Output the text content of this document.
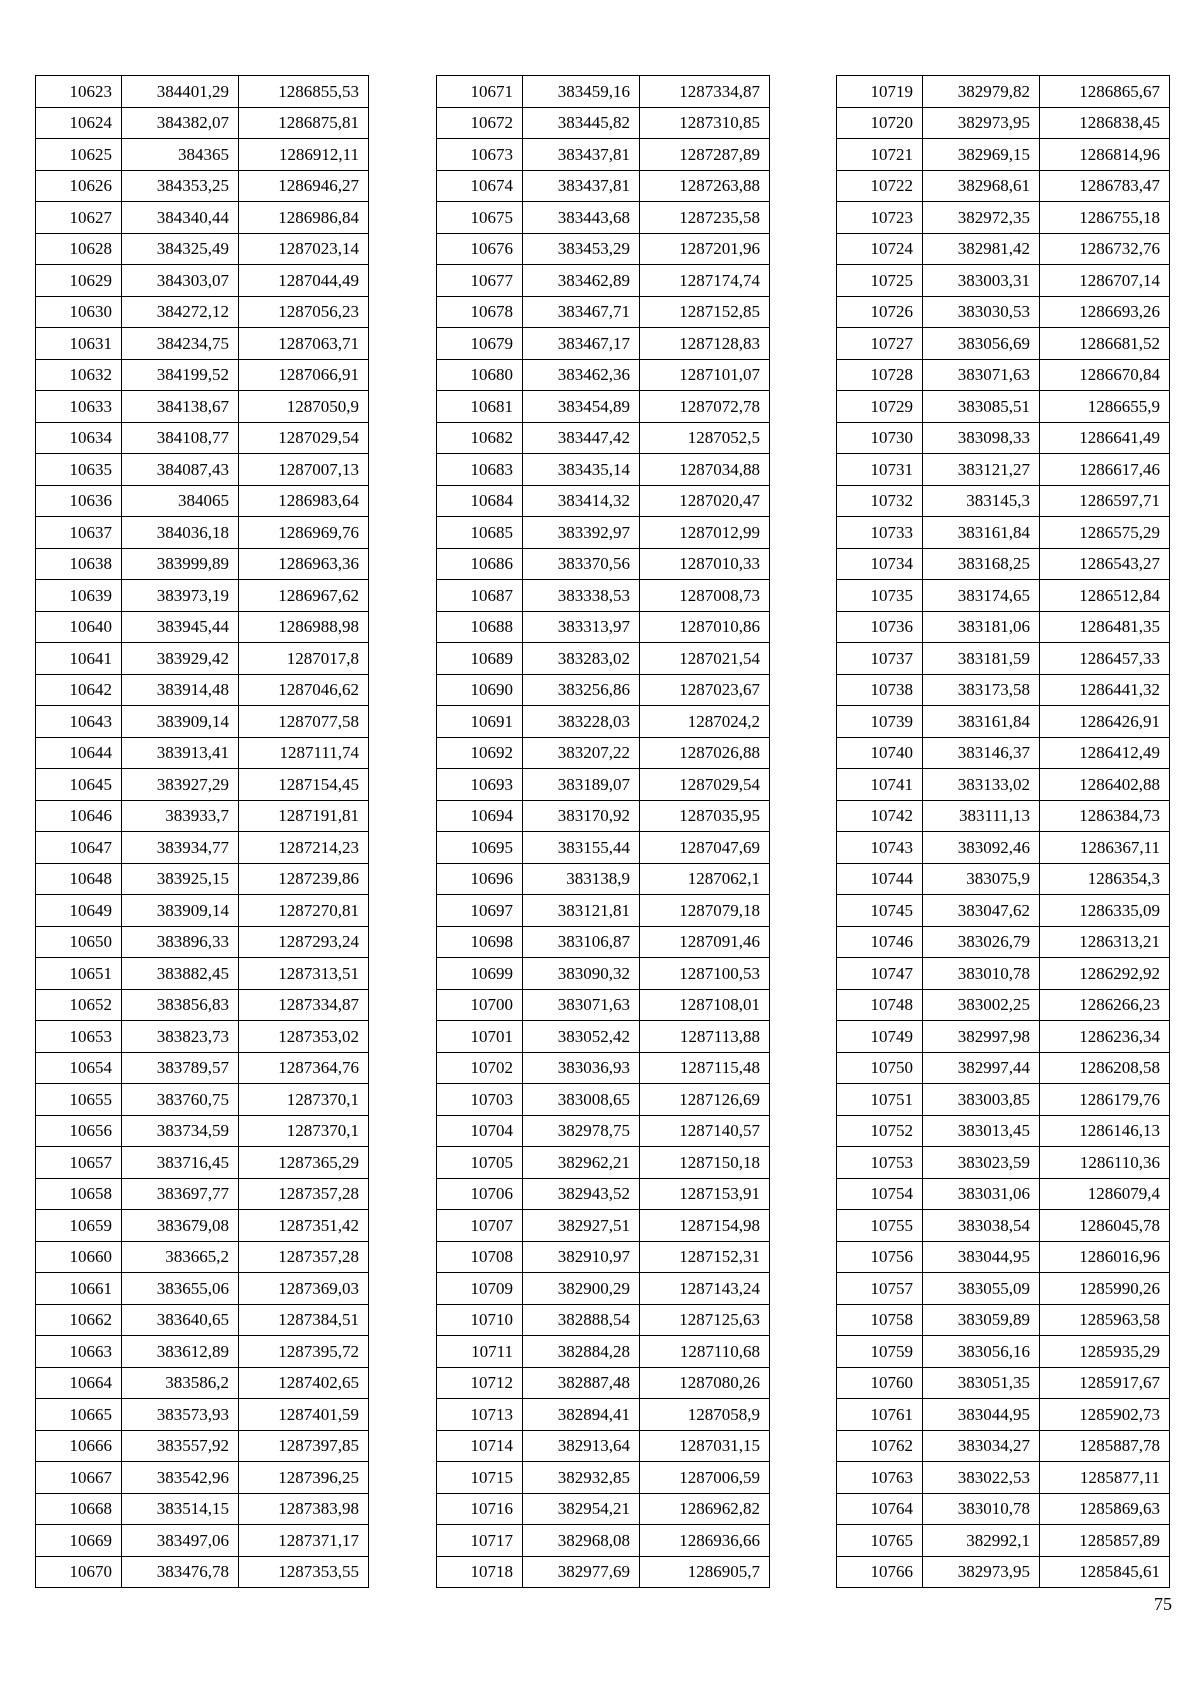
10623	384401,29	1286855,53
10624	384382,07	1286875,81
10625	384365	1286912,11
10626	384353,25	1286946,27
10627	384340,44	1286986,84
10628	384325,49	1287023,14
10629	384303,07	1287044,49
10630	384272,12	1287056,23
10631	384234,75	1287063,71
10632	384199,52	1287066,91
10633	384138,67	1287050,9
10634	384108,77	1287029,54
10635	384087,43	1287007,13
10636	384065	1286983,64
10637	384036,18	1286969,76
10638	383999,89	1286963,36
10639	383973,19	1286967,62
10640	383945,44	1286988,98
10641	383929,42	1287017,8
10642	383914,48	1287046,62
10643	383909,14	1287077,58
10644	383913,41	1287111,74
10645	383927,29	1287154,45
10646	383933,7	1287191,81
10647	383934,77	1287214,23
10648	383925,15	1287239,86
10649	383909,14	1287270,81
10650	383896,33	1287293,24
10651	383882,45	1287313,51
10652	383856,83	1287334,87
10653	383823,73	1287353,02
10654	383789,57	1287364,76
10655	383760,75	1287370,1
10656	383734,59	1287370,1
10657	383716,45	1287365,29
10658	383697,77	1287357,28
10659	383679,08	1287351,42
10660	383665,2	1287357,28
10661	383655,06	1287369,03
10662	383640,65	1287384,51
10663	383612,89	1287395,72
10664	383586,2	1287402,65
10665	383573,93	1287401,59
10666	383557,92	1287397,85
10667	383542,96	1287396,25
10668	383514,15	1287383,98
10669	383497,06	1287371,17
10670	383476,78	1287353,55
10671	383459,16	1287334,87
10672	383445,82	1287310,85
10673	383437,81	1287287,89
10674	383437,81	1287263,88
10675	383443,68	1287235,58
10676	383453,29	1287201,96
10677	383462,89	1287174,74
10678	383467,71	1287152,85
10679	383467,17	1287128,83
10680	383462,36	1287101,07
10681	383454,89	1287072,78
10682	383447,42	1287052,5
10683	383435,14	1287034,88
10684	383414,32	1287020,47
10685	383392,97	1287012,99
10686	383370,56	1287010,33
10687	383338,53	1287008,73
10688	383313,97	1287010,86
10689	383283,02	1287021,54
10690	383256,86	1287023,67
10691	383228,03	1287024,2
10692	383207,22	1287026,88
10693	383189,07	1287029,54
10694	383170,92	1287035,95
10695	383155,44	1287047,69
10696	383138,9	1287062,1
10697	383121,81	1287079,18
10698	383106,87	1287091,46
10699	383090,32	1287100,53
10700	383071,63	1287108,01
10701	383052,42	1287113,88
10702	383036,93	1287115,48
10703	383008,65	1287126,69
10704	382978,75	1287140,57
10705	382962,21	1287150,18
10706	382943,52	1287153,91
10707	382927,51	1287154,98
10708	382910,97	1287152,31
10709	382900,29	1287143,24
10710	382888,54	1287125,63
10711	382884,28	1287110,68
10712	382887,48	1287080,26
10713	382894,41	1287058,9
10714	382913,64	1287031,15
10715	382932,85	1287006,59
10716	382954,21	1286962,82
10717	382968,08	1286936,66
10718	382977,69	1286905,7
10719	382979,82	1286865,67
10720	382973,95	1286838,45
10721	382969,15	1286814,96
10722	382968,61	1286783,47
10723	382972,35	1286755,18
10724	382981,42	1286732,76
10725	383003,31	1286707,14
10726	383030,53	1286693,26
10727	383056,69	1286681,52
10728	383071,63	1286670,84
10729	383085,51	1286655,9
10730	383098,33	1286641,49
10731	383121,27	1286617,46
10732	383145,3	1286597,71
10733	383161,84	1286575,29
10734	383168,25	1286543,27
10735	383174,65	1286512,84
10736	383181,06	1286481,35
10737	383181,59	1286457,33
10738	383173,58	1286441,32
10739	383161,84	1286426,91
10740	383146,37	1286412,49
10741	383133,02	1286402,88
10742	383111,13	1286384,73
10743	383092,46	1286367,11
10744	383075,9	1286354,3
10745	383047,62	1286335,09
10746	383026,79	1286313,21
10747	383010,78	1286292,92
10748	383002,25	1286266,23
10749	382997,98	1286236,34
10750	382997,44	1286208,58
10751	383003,85	1286179,76
10752	383013,45	1286146,13
10753	383023,59	1286110,36
10754	383031,06	1286079,4
10755	383038,54	1286045,78
10756	383044,95	1286016,96
10757	383055,09	1285990,26
10758	383059,89	1285963,58
10759	383056,16	1285935,29
10760	383051,35	1285917,67
10761	383044,95	1285902,73
10762	383034,27	1285887,78
10763	383022,53	1285877,11
10764	383010,78	1285869,63
10765	382992,1	1285857,89
10766	382973,95	1285845,61
75
